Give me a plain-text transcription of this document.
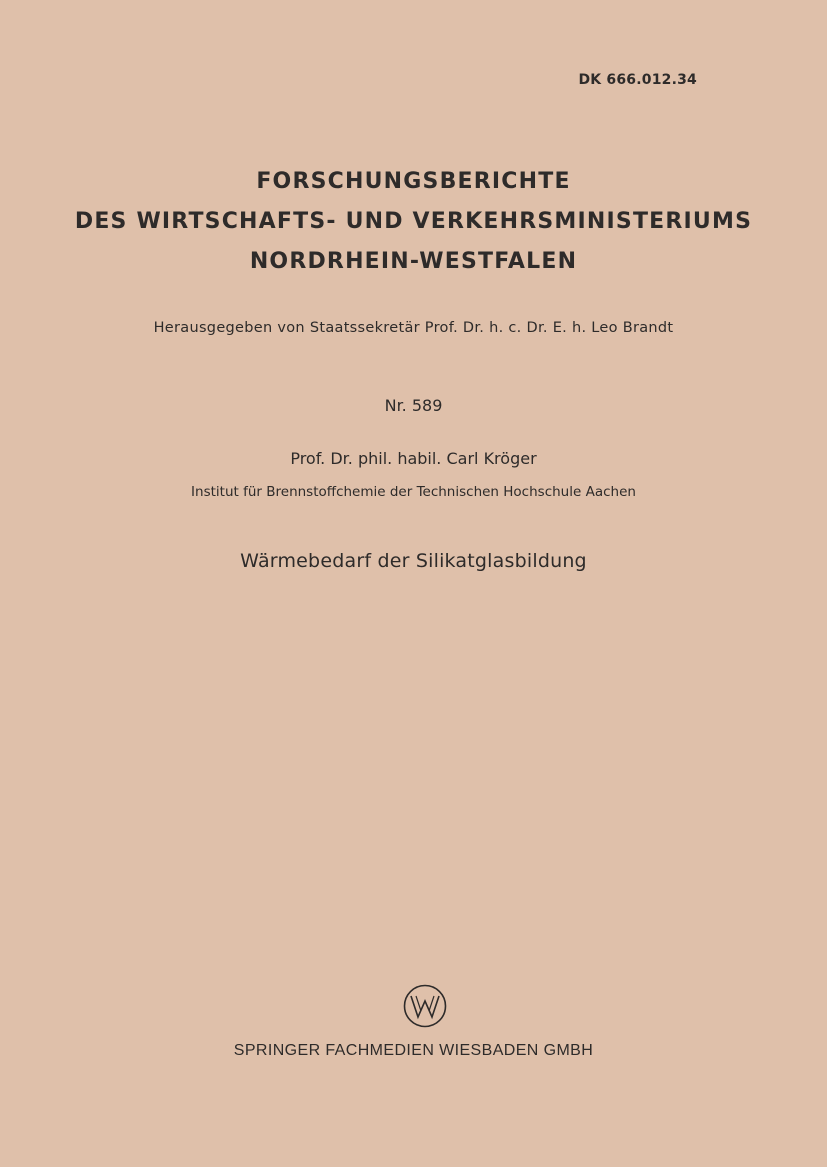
DK 666.012.34
FORSCHUNGSBERICHTE
DES WIRTSCHAFTS- UND VERKEHRSMINISTERIUMS
NORDRHEIN-WESTFALEN
Herausgegeben von Staatssekretär Prof. Dr. h. c. Dr. E. h. Leo Brandt
Nr. 589
Prof. Dr. phil. habil. Carl Kröger
Institut für Brennstoffchemie der Technischen Hochschule Aachen
Wärmebedarf der Silikatglasbildung
SPRINGER FACHMEDIEN WIESBADEN GMBH
